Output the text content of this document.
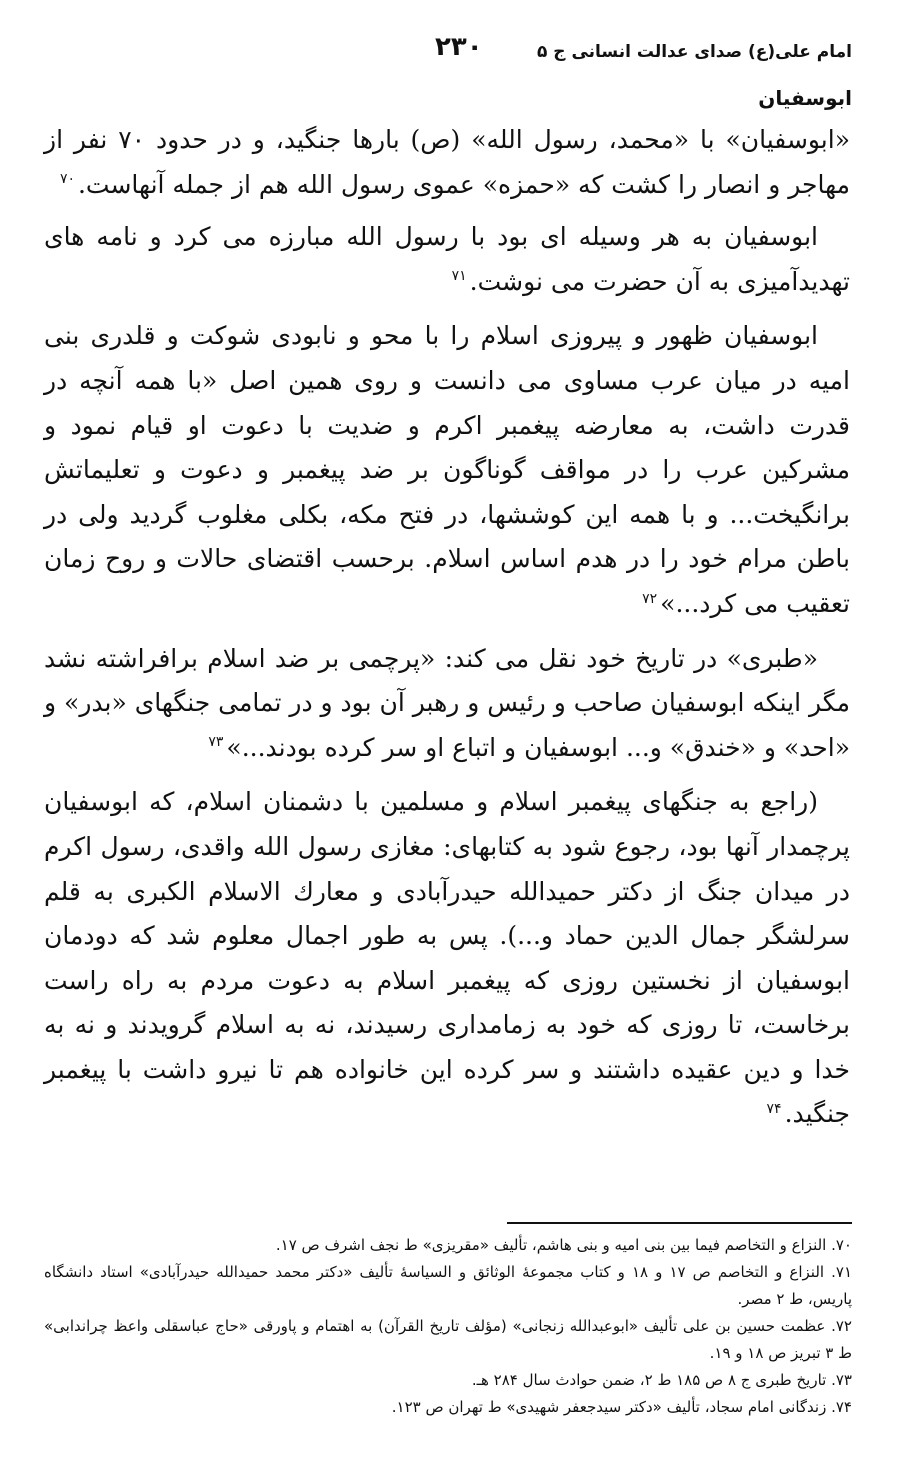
امام علی(ع) صدای عدالت انسانی ج ۵
۲۳۰
ابوسفیان

«ابوسفیان» با «محمد، رسول الله» (ص) بارها جنگید، و در حدود ۷۰ نفر از مهاجر و انصار را کشت که «حمزه» عموی رسول الله هم از جمله آنهاست.$^{۷۰}$

ابوسفیان به هر وسیله ای بود با رسول الله مبارزه می کرد و نامه های تهدیدآمیزی به آن حضرت می نوشت.$^{۷۱}$

ابوسفیان ظهور و پیروزی اسلام را با محو و نابودی شوکت و قلدری بنی امیه در میان عرب مساوی می دانست و روی همین اصل «با همه آنچه در قدرت داشت، به معارضه پیغمبر اکرم و ضدیت با دعوت او قیام نمود و مشرکین عرب را در مواقف گوناگون بر ضد پیغمبر و دعوت و تعلیماتش برانگیخت... و با همه این کوششها، در فتح مکه، بکلی مغلوب گردید ولی در باطن مرام خود را در هدم اساس اسلام. برحسب اقتضای حالات و روح زمان تعقیب می کرد...»$^{۷۲}$

«طبری» در تاریخ خود نقل می کند: «پرچمی بر ضد اسلام برافراشته نشد مگر اینکه ابوسفیان صاحب و رئیس و رهبر آن بود و در تمامی جنگهای «بدر» و «احد» و «خندق» و... ابوسفیان و اتباع او سر کرده بودند...»$^{۷۳}$

(راجع به جنگهای پیغمبر اسلام و مسلمین با دشمنان اسلام، که ابوسفیان پرچمدار آنها بود، رجوع شود به کتابهای: مغازی رسول الله واقدی، رسول اکرم در میدان جنگ از دکتر حمیدالله حیدرآبادی و معارك الاسلام الکبری به قلم سرلشگر جمال الدین حماد و...). پس به طور اجمال معلوم شد که دودمان ابوسفیان از نخستین روزی که پیغمبر اسلام به دعوت مردم به راه راست برخاست، تا روزی که خود به زمامداری رسیدند، نه به اسلام گرویدند و نه به خدا و دین عقیده داشتند و سر کرده این خانواده هم تا نیرو داشت با پیغمبر جنگید.$^{۷۴}$

۷۰. النزاع و التخاصم فیما بین بنی امیه و بنی هاشم، تألیف «مقریزی» ط نجف اشرف ص ۱۷.

۷۱. النزاع و التخاصم ص ۱۷ و ۱۸ و کتاب مجموعهٔ الوثائق و السیاسهٔ تألیف «دکتر محمد حمیدالله حیدرآبادی» استاد دانشگاه پاریس، ط ۲ مصر.

۷۲. عظمت حسین بن علی تألیف «ابوعبدالله زنجانی» (مؤلف تاریخ القرآن) به اهتمام و پاورقی «حاج عباسقلی واعظ چراندابی» ط ۳ تبریز ص ۱۸ و ۱۹.

۷۳. تاریخ طبری ج ۸ ص ۱۸۵ ط ۲، ضمن حوادث سال ۲۸۴ هـ.

۷۴. زندگانی امام سجاد، تألیف «دکتر سیدجعفر شهیدی» ط تهران ص ۱۲۳.
